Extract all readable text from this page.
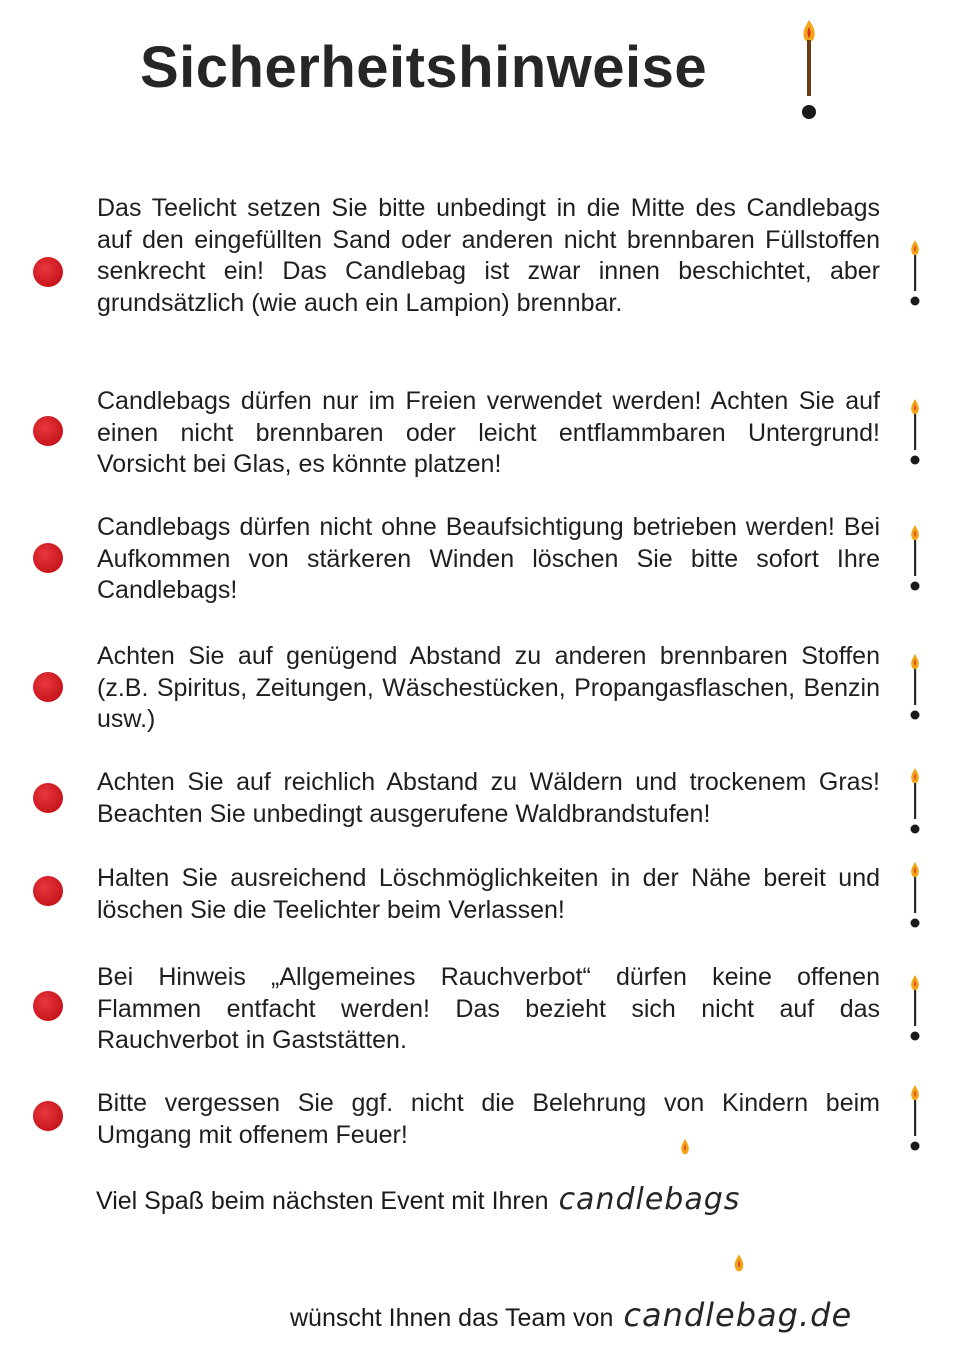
Sicherheitshinweise
Das Teelicht setzen Sie bitte unbedingt in die Mitte des Candlebags auf den eingefüllten Sand oder anderen nicht brennbaren Füllstoffen senkrecht ein! Das Candlebag ist zwar innen beschichtet, aber grundsätzlich (wie auch ein Lampion) brennbar.
Candlebags dürfen nur im Freien verwendet werden! Achten Sie auf einen nicht brennbaren oder leicht entflammbaren Untergrund! Vorsicht bei Glas, es könnte platzen!
Candlebags dürfen nicht ohne Beaufsichtigung betrieben werden! Bei Aufkommen von stärkeren Winden löschen Sie bitte sofort Ihre Candlebags!
Achten Sie auf genügend Abstand zu anderen brennbaren Stoffen (z.B. Spiritus, Zeitungen, Wäschestücken, Propangasflaschen, Benzin usw.)
Achten Sie auf reichlich Abstand zu Wäldern und trockenem Gras! Beachten Sie unbedingt ausgerufene Waldbrandstufen!
Halten Sie ausreichend Löschmöglichkeiten in der Nähe bereit und löschen Sie die Teelichter beim Verlassen!
Bei Hinweis „Allgemeines Rauchverbot“ dürfen keine offenen Flammen entfacht werden! Das bezieht sich nicht auf das Rauchverbot in Gaststätten.
Bitte vergessen Sie ggf. nicht die Belehrung von Kindern beim Umgang mit offenem Feuer!
Viel Spaß beim nächsten Event mit Ihren candlebags
wünscht Ihnen das Team von candlebag.de
